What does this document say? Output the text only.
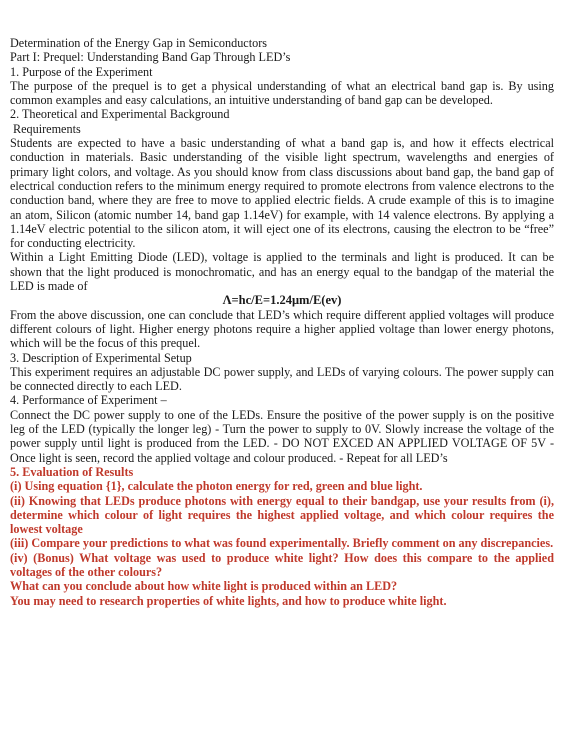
Determination of the Energy Gap in Semiconductors

Part I: Prequel: Understanding Band Gap Through LED’s

1. Purpose of the Experiment

The purpose of the prequel is to get a physical understanding of what an electrical band gap is. By using common examples and easy calculations, an intuitive understanding of band gap can be developed.

2. Theoretical and Experimental Background

Requirements

Students are expected to have a basic understanding of what a band gap is, and how it effects electrical conduction in materials. Basic understanding of the visible light spectrum, wavelengths and energies of primary light colors, and voltage. As you should know from class discussions about band gap, the band gap of electrical conduction refers to the minimum energy required to promote electrons from valence electrons to the conduction band, where they are free to move to applied electric fields. A crude example of this is to imagine an atom, Silicon (atomic number 14, band gap 1.14eV) for example, with 14 valence electrons. By applying a 1.14eV electric potential to the silicon atom, it will eject one of its electrons, causing the electron to be “free” for conducting electricity.

Within a Light Emitting Diode (LED), voltage is applied to the terminals and light is produced. It can be shown that the light produced is monochromatic, and has an energy equal to the bandgap of the material the LED is made of

Λ=hc/E=1.24μm/E(ev)

From the above discussion, one can conclude that LED’s which require different applied voltages will produce different colours of light. Higher energy photons require a higher applied voltage than lower energy photons, which will be the focus of this prequel.

3. Description of Experimental Setup

This experiment requires an adjustable DC power supply, and LEDs of varying colours. The power supply can be connected directly to each LED.

4. Performance of Experiment –

Connect the DC power supply to one of the LEDs. Ensure the positive of the power supply is on the positive leg of the LED (typically the longer leg) - Turn the power to supply to 0V. Slowly increase the voltage of the power supply until light is produced from the LED. - DO NOT EXCED AN APPLIED VOLTAGE OF 5V - Once light is seen, record the applied voltage and colour produced. - Repeat for all LED’s

5. Evaluation of Results

(i) Using equation {1}, calculate the photon energy for red, green and blue light.

(ii) Knowing that LEDs produce photons with energy equal to their bandgap, use your results from (i), determine which colour of light requires the highest applied voltage, and which colour requires the lowest voltage

(iii) Compare your predictions to what was found experimentally. Briefly comment on any discrepancies.

(iv) (Bonus) What voltage was used to produce white light? How does this compare to the applied voltages of the other colours?

What can you conclude about how white light is produced within an LED?

You may need to research properties of white lights, and how to produce white light.
